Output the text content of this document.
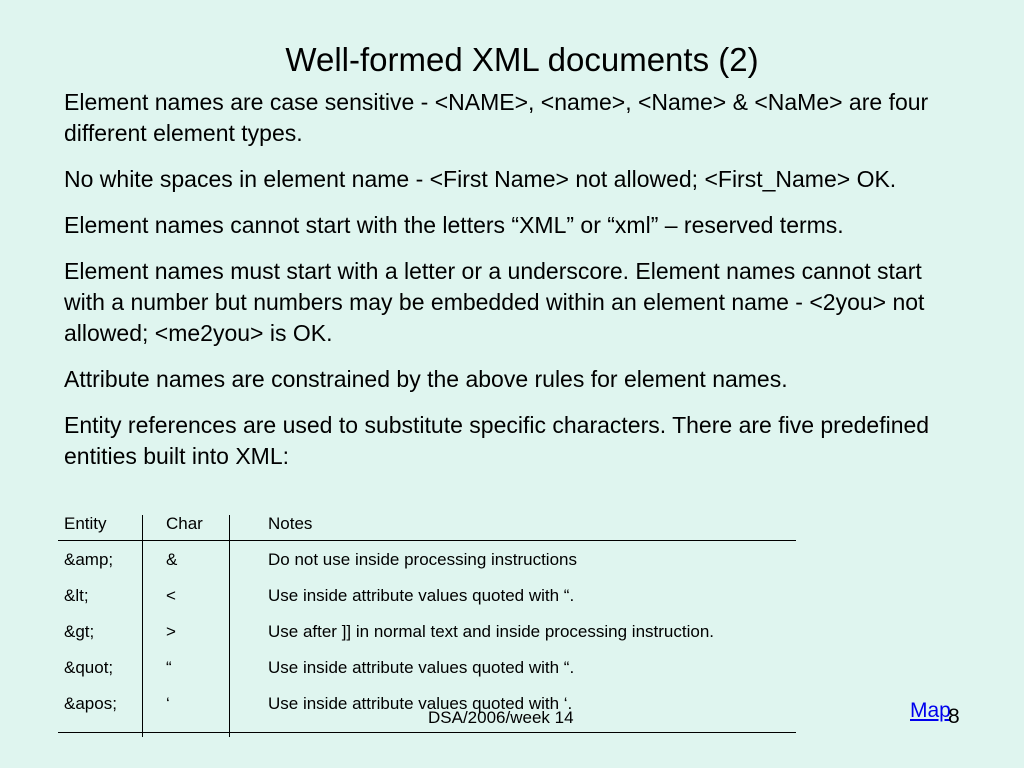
Well-formed XML documents (2)

Element names are case sensitive - <NAME>, <name>, <Name> & <NaMe> are four different element types.

No white spaces in element name - <First Name> not allowed; <First_Name> OK.

Element names cannot start with the letters “XML” or “xml” – reserved terms.

Element names must start with a letter or a underscore. Element names cannot start with a number but numbers may be embedded within an element name - <2you> not allowed; <me2you> is OK.

Attribute names are constrained by the above rules for element names.

Entity references are used to substitute specific characters. There are five predefined entities built into XML:

Entity	Char	Notes
&amp;	&	Do not use inside processing instructions
&lt;	<	Use inside attribute values quoted with “.
&gt;	>	Use after ]] in normal text and inside processing instruction.
&quot;	“	Use inside attribute values quoted with “.
&apos;	‘	Use inside attribute values quoted with ‘.
DSA/2006/week 14	Map
8
